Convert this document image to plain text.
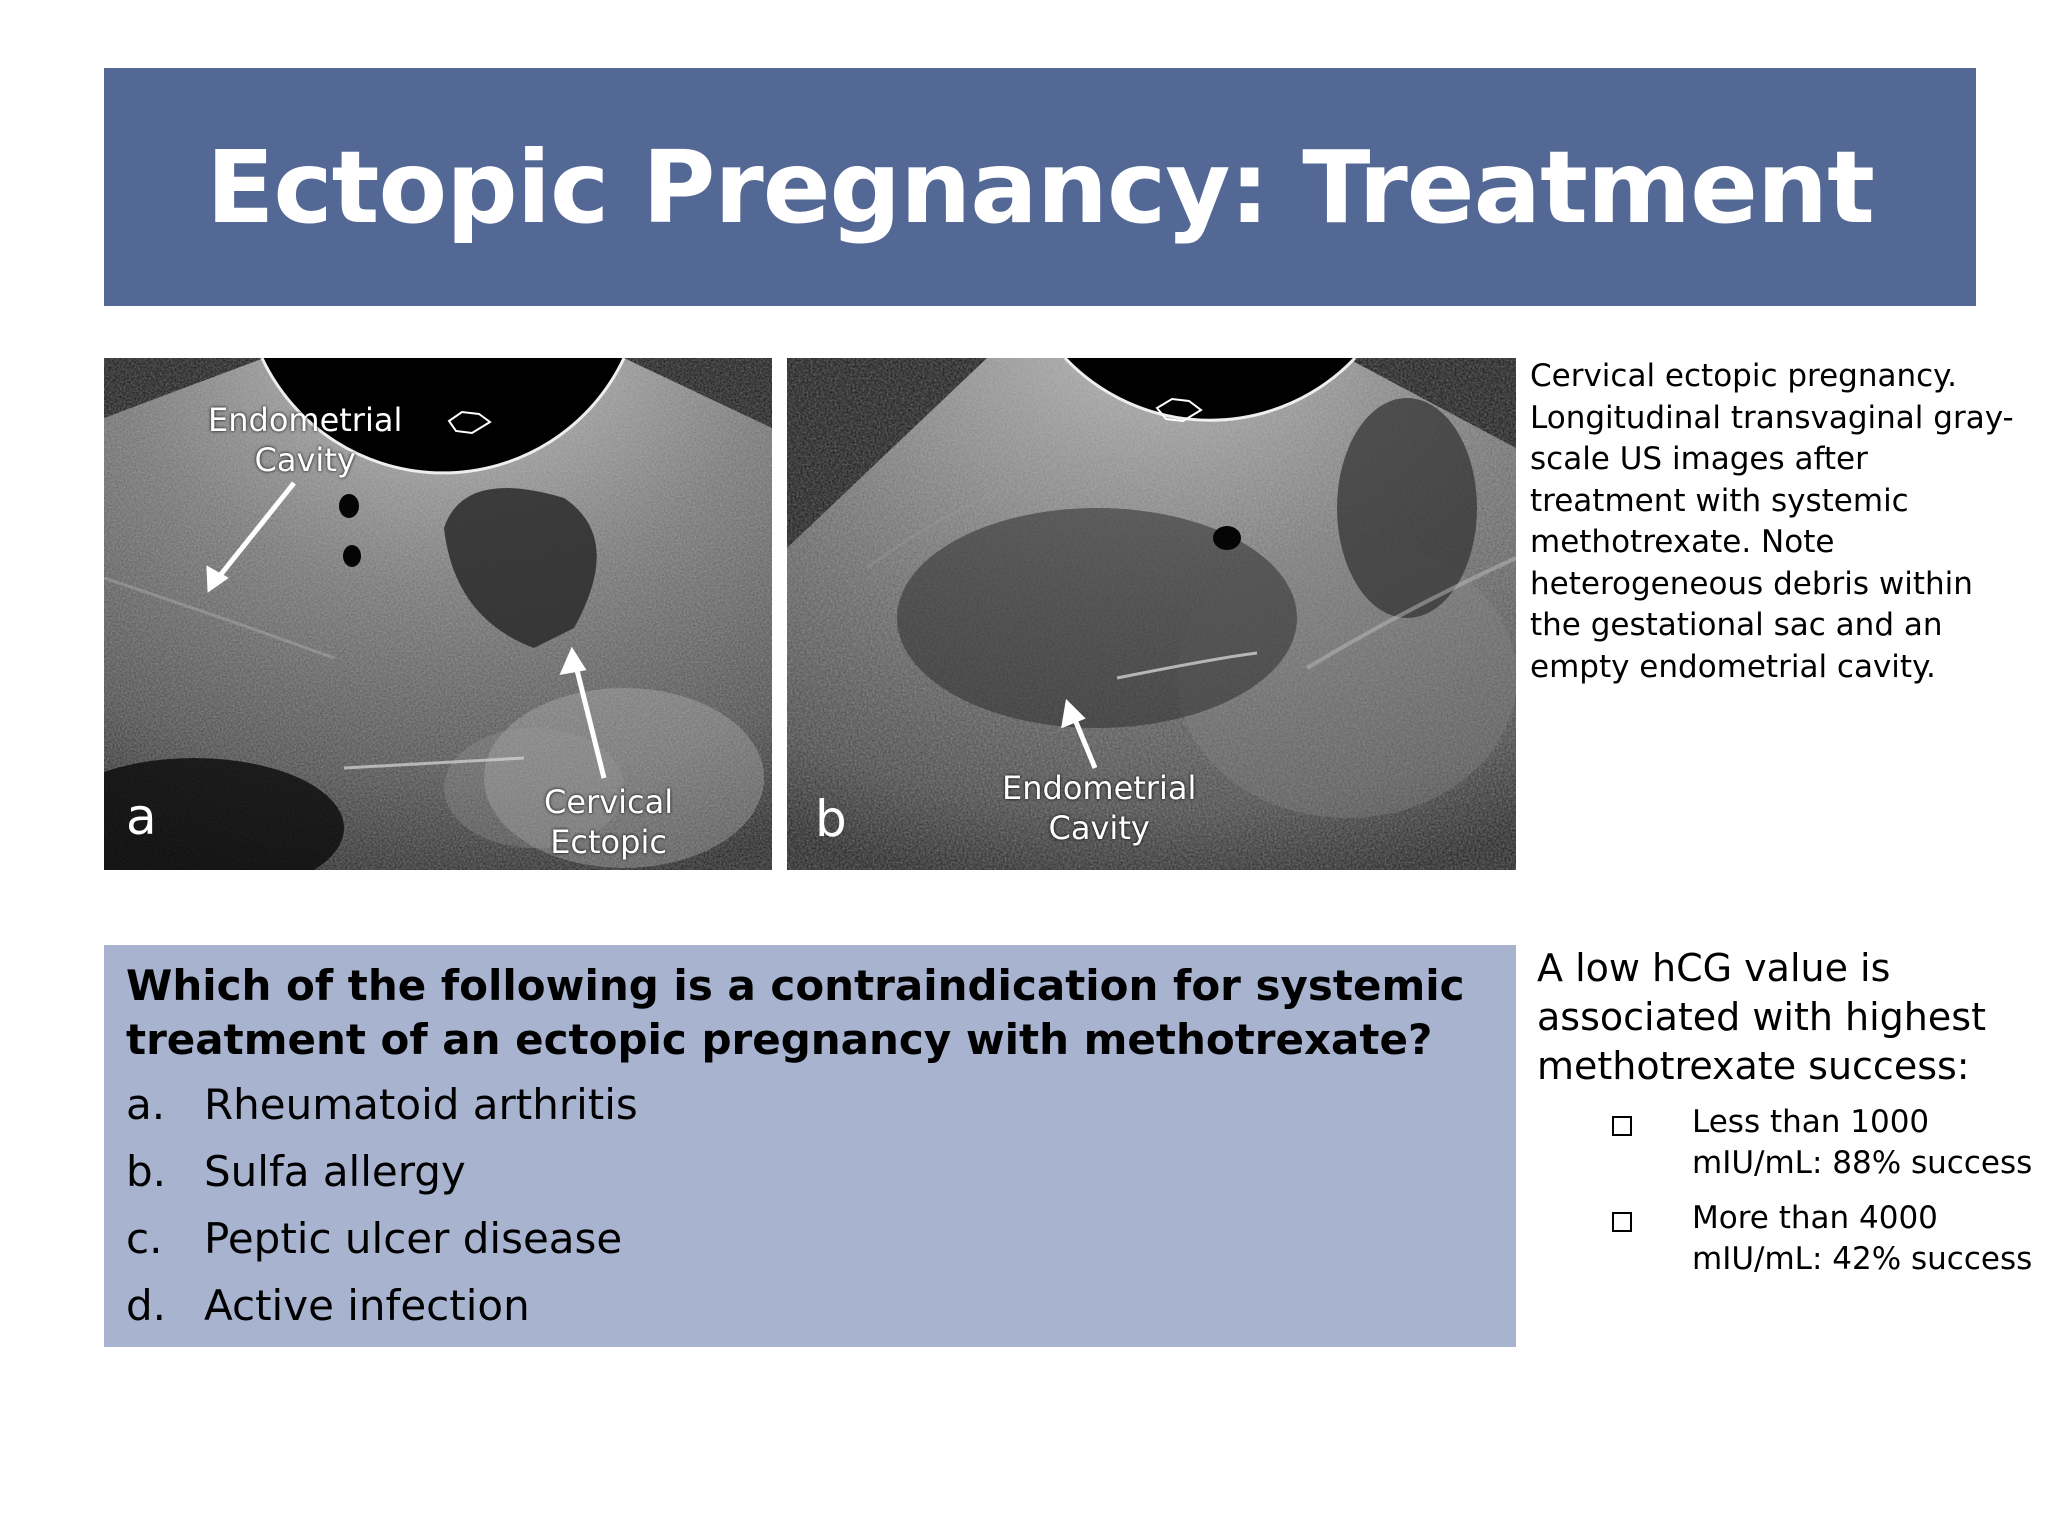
Ectopic Pregnancy: Treatment
Endometrial
Cavity
Cervical
Ectopic
a	Endometrial
Cavity
b
Cervical ectopic pregnancy.
Longitudinal transvaginal gray-
scale US images after
treatment with systemic
methotrexate. Note
heterogeneous debris within
the gestational sac and an
empty endometrial cavity.
Which of the following is a contraindication for systemic
treatment of an ectopic pregnancy with methotrexate?
a. Rheumatoid arthritis
b. Sulfa allergy
c. Peptic ulcer disease
d. Active infection
A low hCG value is
associated with highest
methotrexate success:
Less than 1000
mIU/mL: 88% success
More than 4000
mIU/mL: 42% success
